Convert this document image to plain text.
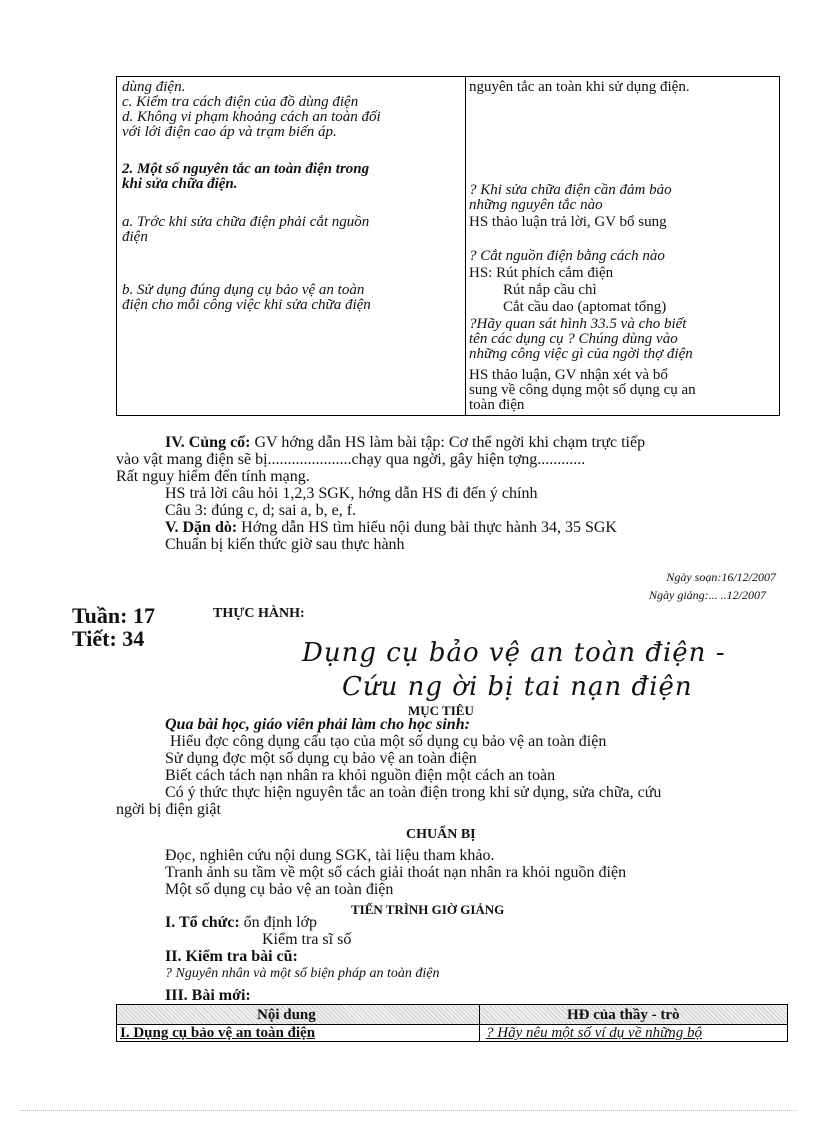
dùng điện.
c. Kiểm tra cách điện của đồ dùng điện
d. Không vi phạm khoảng cách an toàn đối
với lới điện cao áp và trạm biến áp.
2. Một số nguyên tắc an toàn điện trong
khi sửa chữa điện.
a. Trớc khi sửa chữa điện phải cắt nguồn
điện
b. Sử dụng đúng dụng cụ bảo vệ an toàn
điện cho mỗi công việc khi sửa chữa điện
nguyên tắc an toàn khi sử dụng điện.
? Khi sửa chữa điện cần đảm bảo
những nguyên tắc nào
HS thảo luận trả lời, GV bổ sung
? Cắt nguồn điện bằng cách nào
HS: Rút phích cắm điện
Rút nắp cầu chì
Cắt cầu dao (aptomat tổng)
?Hãy quan sát hình 33.5 và cho biết
tên các dụng cụ ? Chúng dùng vào
những công việc gì của ngời thợ điện
HS thảo luận, GV nhận xét và bổ
sung về công dụng một số dụng cụ an
toàn điện
IV. Củng cố: GV hớng dẫn HS làm bài tập: Cơ thể ngời khi chạm trực tiếp
vào vật mang điện sẽ bị.....................chạy qua ngời, gây hiện tợng............
Rất nguy hiểm đến tính mạng.
HS trả lời câu hỏi 1,2,3 SGK, hớng dẫn HS đi đến ý chính
Câu 3: đúng c, d; sai a, b, e, f.
V. Dặn dò: Hớng dẫn HS tìm hiểu nội dung bài thực hành 34, 35 SGK
Chuẩn bị kiến thức giờ sau thực hành
Ngày soạn:16/12/2007
Ngày giảng:... ..12/2007
Tuần: 17
Tiết: 34
THỰC HÀNH:
Dụng cụ bảo vệ an toàn điện -
Cứu ng ời bị tai nạn điện
MỤC TIÊU
Qua bài học, giáo viên phải làm cho học sinh:
Hiểu đợc công dụng cấu tạo của một số dụng cụ bảo vệ an toàn điện
Sử dụng đợc một số dụng cụ bảo vệ an toàn điện
Biết cách tách nạn nhân ra khỏi nguồn điện một cách an toàn
Có ý thức thực hiện nguyên tắc an toàn điện trong khi sử dụng, sửa chữa, cứu
ngời bị điện giật
CHUẨN BỊ
Đọc, nghiên cứu nội dung SGK, tài liệu tham khảo.
Tranh ảnh su tầm về một số cách giải thoát nạn nhân ra khỏi nguồn điện
Một số dụng cụ bảo vệ an toàn điện
TIẾN TRÌNH GIỜ GIẢNG
I. Tổ chức: ổn định lớp
Kiểm tra sĩ số
II. Kiểm tra bài cũ:
? Nguyên nhân và một số biện pháp an toàn điện
III. Bài mới:
Nội dung	HĐ của thầy - trò
I. Dụng cụ bảo vệ an toàn điện	? Hãy nêu một số ví dụ về những bộ
